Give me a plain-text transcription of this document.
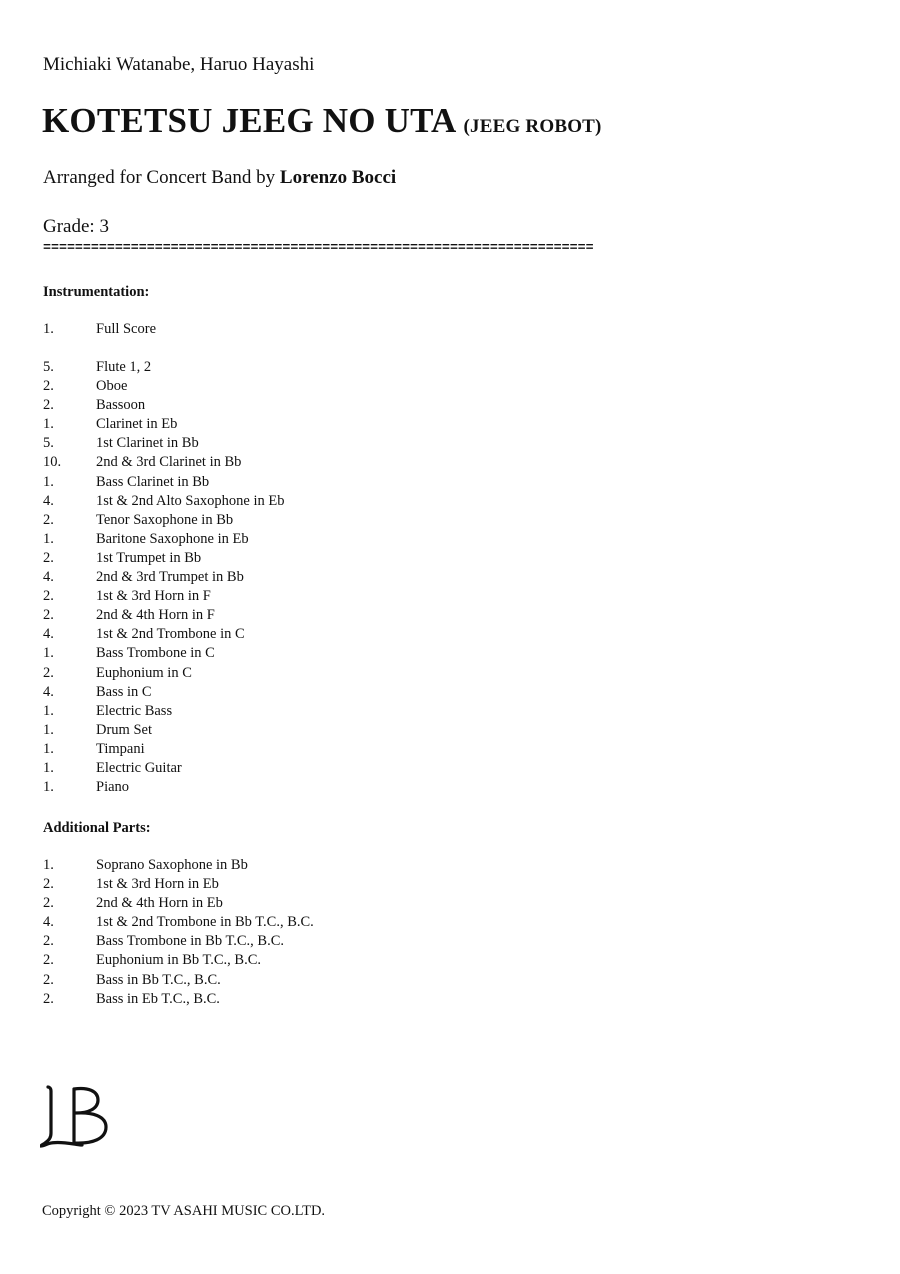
Michiaki Watanabe, Haruo Hayashi
KOTETSU JEEG NO UTA (JEEG ROBOT)
Arranged for Concert Band by Lorenzo Bocci
Grade: 3
=====================================================================
Instrumentation:
1.	Full Score
5.	Flute 1, 2
2.	Oboe
2.	Bassoon
1.	Clarinet in Eb
5.	1st Clarinet in Bb
10.	2nd & 3rd Clarinet in Bb
1.	Bass Clarinet in Bb
4.	1st & 2nd Alto Saxophone in Eb
2.	Tenor Saxophone in Bb
1.	Baritone Saxophone in Eb
2.	1st Trumpet in Bb
4.	2nd & 3rd Trumpet in Bb
2.	1st & 3rd Horn in F
2.	2nd & 4th Horn in F
4.	1st & 2nd Trombone in C
1.	Bass Trombone in C
2.	Euphonium in C
4.	Bass in C
1.	Electric Bass
1.	Drum Set
1.	Timpani
1.	Electric Guitar
1.	Piano
Additional Parts:
1.	Soprano Saxophone in Bb
2.	1st & 3rd Horn in Eb
2.	2nd & 4th Horn in Eb
4.	1st & 2nd Trombone in Bb T.C., B.C.
2.	Bass Trombone in Bb T.C., B.C.
2.	Euphonium in Bb T.C., B.C.
2.	Bass in Bb T.C., B.C.
2.	Bass in Eb T.C., B.C.
Copyright © 2023 TV ASAHI MUSIC CO.LTD.
